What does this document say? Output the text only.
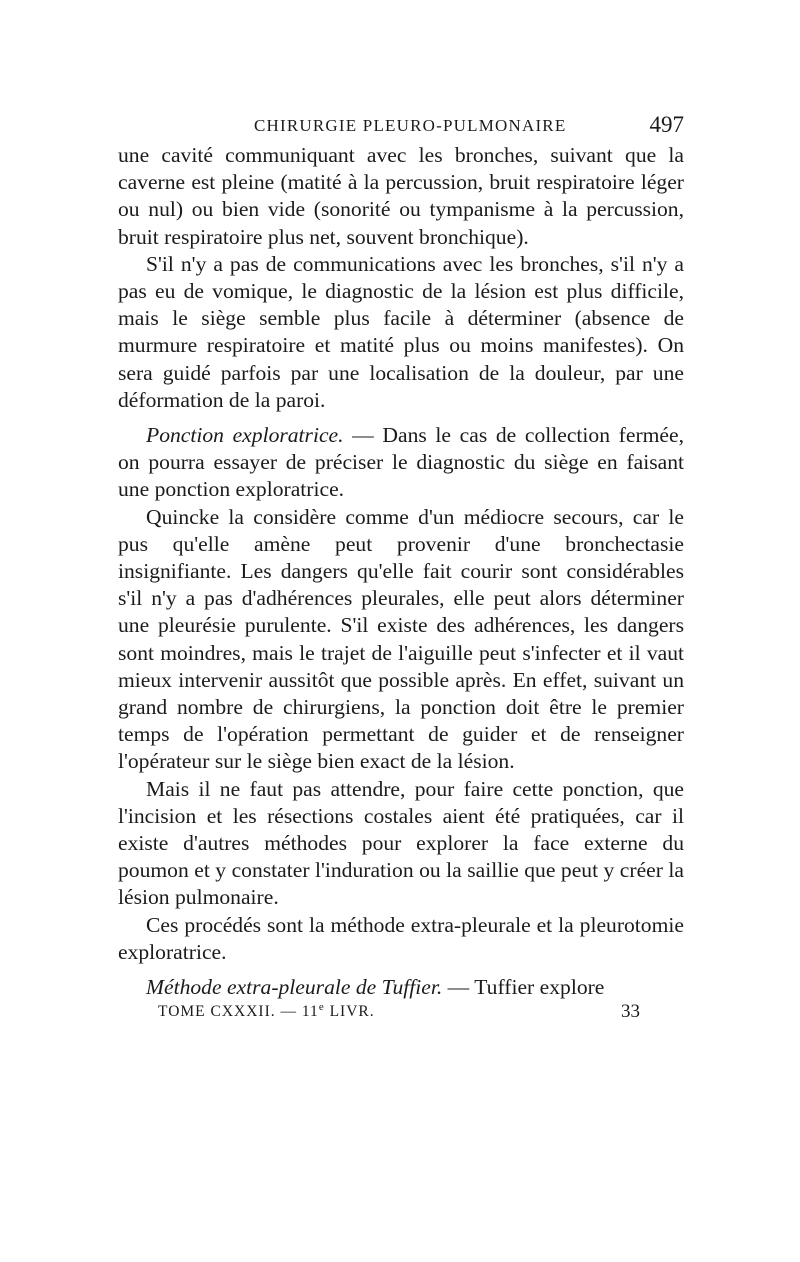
CHIRURGIE PLEURO-PULMONAIRE	497

une cavité communiquant avec les bronches, suivant que la caverne est pleine (matité à la percussion, bruit respiratoire léger ou nul) ou bien vide (sonorité ou tympanisme à la percussion, bruit respiratoire plus net, souvent bronchique).

S'il n'y a pas de communications avec les bronches, s'il n'y a pas eu de vomique, le diagnostic de la lésion est plus difficile, mais le siège semble plus facile à déterminer (absence de murmure respiratoire et matité plus ou moins manifestes). On sera guidé parfois par une localisation de la douleur, par une déformation de la paroi.

Ponction exploratrice. — Dans le cas de collection fermée, on pourra essayer de préciser le diagnostic du siège en faisant une ponction exploratrice.

Quincke la considère comme d'un médiocre secours, car le pus qu'elle amène peut provenir d'une bronchectasie insignifiante. Les dangers qu'elle fait courir sont considérables s'il n'y a pas d'adhérences pleurales, elle peut alors déterminer une pleurésie purulente. S'il existe des adhérences, les dangers sont moindres, mais le trajet de l'aiguille peut s'infecter et il vaut mieux intervenir aussitôt que possible après. En effet, suivant un grand nombre de chirurgiens, la ponction doit être le premier temps de l'opération permettant de guider et de renseigner l'opérateur sur le siège bien exact de la lésion.

Mais il ne faut pas attendre, pour faire cette ponction, que l'incision et les résections costales aient été pratiquées, car il existe d'autres méthodes pour explorer la face externe du poumon et y constater l'induration ou la saillie que peut y créer la lésion pulmonaire.

Ces procédés sont la méthode extra-pleurale et la pleurotomie exploratrice.

Méthode extra-pleurale de Tuffier. — Tuffier explore

TOME CXXXII. — 11e LIVR.	33
